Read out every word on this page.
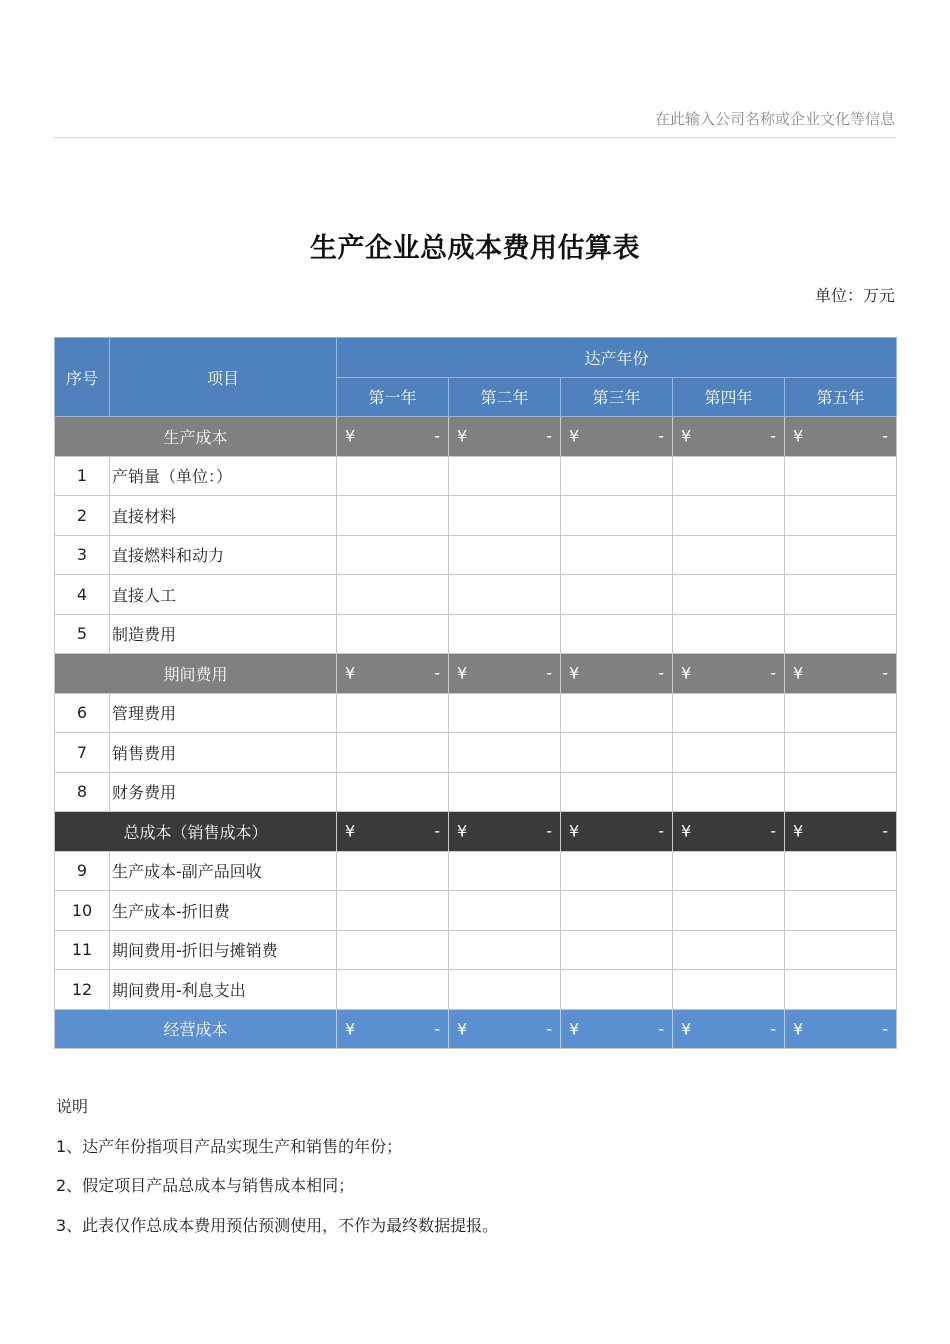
在此输入公司名称或企业文化等信息
生产企业总成本费用估算表
单位：万元
序号	项目	达产年份				
		第一年	第二年	第三年	第四年	第五年
生产成本		¥ -	¥ -	¥ -	¥ -	¥ -

1	产销量（单位：）					
2	直接材料					
3	直接燃料和动力					
4	直接人工					
5	制造费用					
期间费用		¥ -	¥ -	¥ -	¥ -	¥ -

6	管理费用					
7	销售费用					
8	财务费用					
总成本（销售成本）		¥ -	¥ -	¥ -	¥ -	¥ -

9	生产成本-副产品回收					
10	生产成本-折旧费					
11	期间费用-折旧与摊销费					
12	期间费用-利息支出					
经营成本		¥ -	¥ -	¥ -	¥ -	¥ -
说明
1、达产年份指项目产品实现生产和销售的年份；
2、假定项目产品总成本与销售成本相同；
3、此表仅作总成本费用预估预测使用，不作为最终数据提报。
